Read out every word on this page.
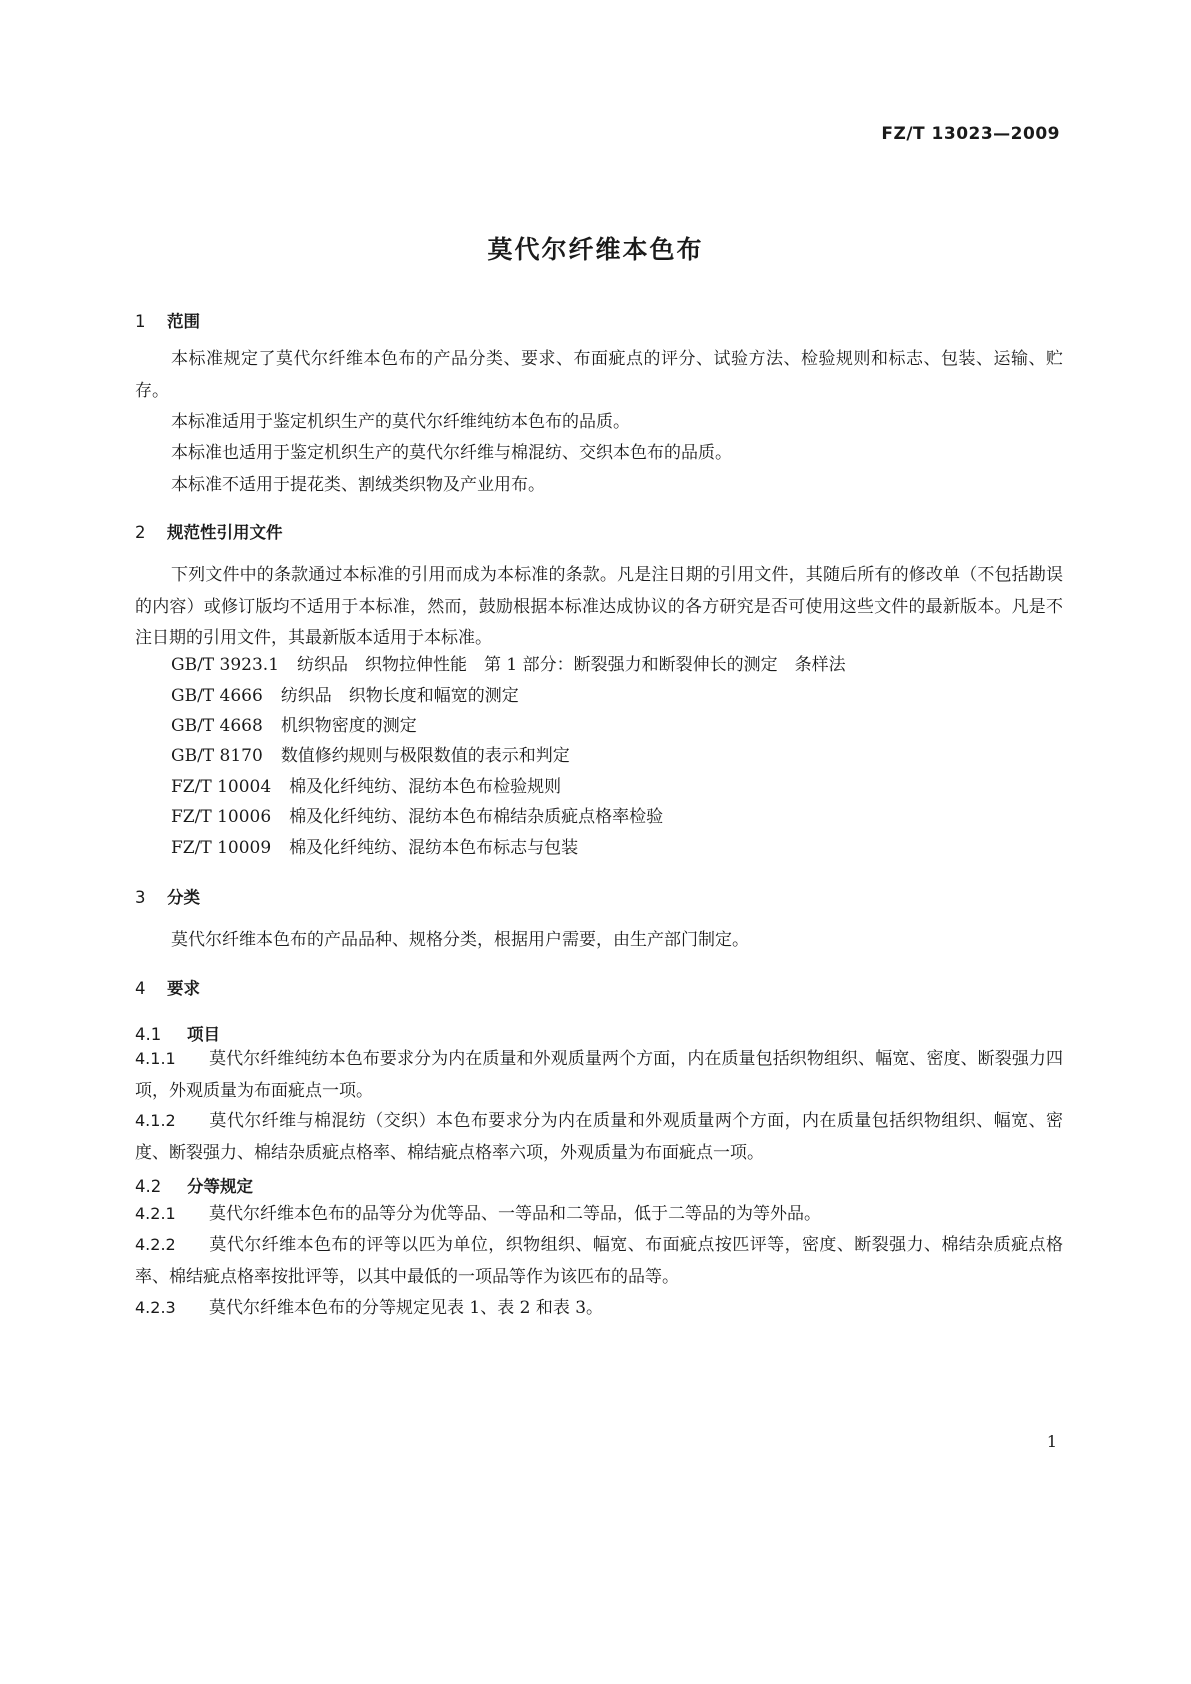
FZ/T 13023—2009
莫代尔纤维本色布
1 范围

本标准规定了莫代尔纤维本色布的产品分类、要求、布面疵点的评分、试验方法、检验规则和标志、包装、运输、贮存。

本标准适用于鉴定机织生产的莫代尔纤维纯纺本色布的品质。
本标准也适用于鉴定机织生产的莫代尔纤维与棉混纺、交织本色布的品质。
本标准不适用于提花类、割绒类织物及产业用布。
2 规范性引用文件

下列文件中的条款通过本标准的引用而成为本标准的条款。凡是注日期的引用文件，其随后所有的修改单（不包括勘误的内容）或修订版均不适用于本标准，然而，鼓励根据本标准达成协议的各方研究是否可使用这些文件的最新版本。凡是不注日期的引用文件，其最新版本适用于本标准。

GB/T 3923.1 纺织品　织物拉伸性能　第 1 部分：断裂强力和断裂伸长的测定　条样法
GB/T 4666 纺织品　织物长度和幅宽的测定
GB/T 4668 机织物密度的测定
GB/T 8170 数值修约规则与极限数值的表示和判定
FZ/T 10004 棉及化纤纯纺、混纺本色布检验规则
FZ/T 10006 棉及化纤纯纺、混纺本色布棉结杂质疵点格率检验
FZ/T 10009 棉及化纤纯纺、混纺本色布标志与包装
3 分类
莫代尔纤维本色布的产品品种、规格分类，根据用户需要，由生产部门制定。
4 要求
4.1 项目

4.1.1 莫代尔纤维纯纺本色布要求分为内在质量和外观质量两个方面，内在质量包括织物组织、幅宽、密度、断裂强力四项，外观质量为布面疵点一项。

4.1.2 莫代尔纤维与棉混纺（交织）本色布要求分为内在质量和外观质量两个方面，内在质量包括织物组织、幅宽、密度、断裂强力、棉结杂质疵点格率、棉结疵点格率六项，外观质量为布面疵点一项。

4.2 分等规定

4.2.1 莫代尔纤维本色布的品等分为优等品、一等品和二等品，低于二等品的为等外品。

4.2.2 莫代尔纤维本色布的评等以匹为单位，织物组织、幅宽、布面疵点按匹评等，密度、断裂强力、棉结杂质疵点格率、棉结疵点格率按批评等，以其中最低的一项品等作为该匹布的品等。

4.2.3 莫代尔纤维本色布的分等规定见表 1、表 2 和表 3。

1
